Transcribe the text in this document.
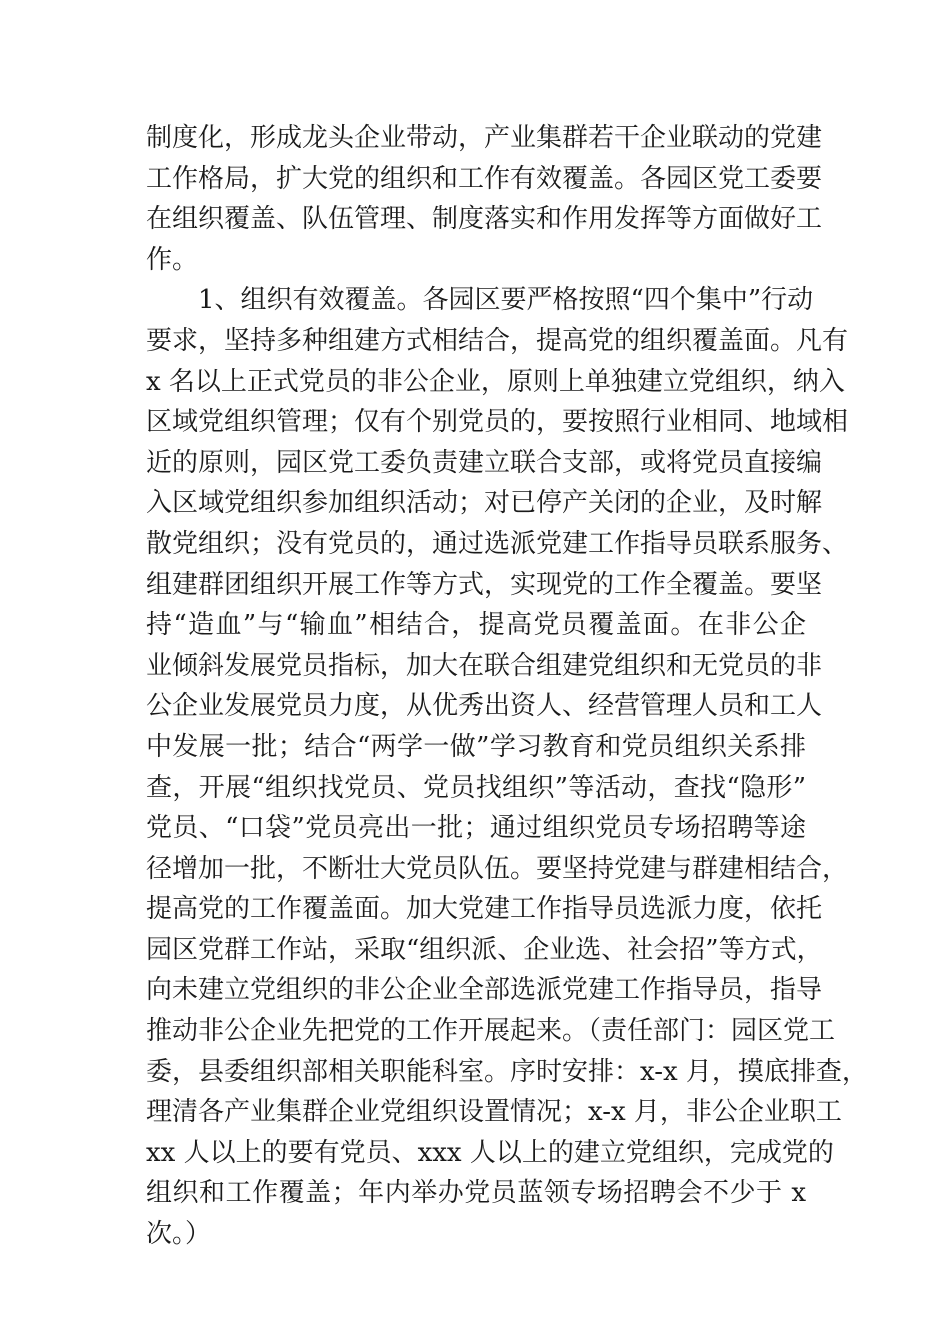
制度化，形成龙头企业带动，产业集群若干企业联动的党建
工作格局，扩大党的组织和工作有效覆盖。各园区党工委要
在组织覆盖、队伍管理、制度落实和作用发挥等方面做好工
作。
1、组织有效覆盖。各园区要严格按照“四个集中”行动
要求，坚持多种组建方式相结合，提高党的组织覆盖面。凡有
x 名以上正式党员的非公企业，原则上单独建立党组织，纳入
区域党组织管理；仅有个别党员的，要按照行业相同、地域相
近的原则，园区党工委负责建立联合支部，或将党员直接编
入区域党组织参加组织活动；对已停产关闭的企业，及时解
散党组织；没有党员的，通过选派党建工作指导员联系服务、
组建群团组织开展工作等方式，实现党的工作全覆盖。要坚
持“造血”与“输血”相结合，提高党员覆盖面。在非公企
业倾斜发展党员指标，加大在联合组建党组织和无党员的非
公企业发展党员力度，从优秀出资人、经营管理人员和工人
中发展一批；结合“两学一做”学习教育和党员组织关系排
查，开展“组织找党员、党员找组织”等活动，查找“隐形”
党员、“口袋”党员亮出一批；通过组织党员专场招聘等途
径增加一批，不断壮大党员队伍。要坚持党建与群建相结合，
提高党的工作覆盖面。加大党建工作指导员选派力度，依托
园区党群工作站，采取“组织派、企业选、社会招”等方式，
向未建立党组织的非公企业全部选派党建工作指导员，指导
推动非公企业先把党的工作开展起来。（责任部门：园区党工
委，县委组织部相关职能科室。序时安排：x-x 月，摸底排查，
理清各产业集群企业党组织设置情况；x-x 月，非公企业职工
xx 人以上的要有党员、xxx 人以上的建立党组织，完成党的
组织和工作覆盖；年内举办党员蓝领专场招聘会不少于 x
次。）
